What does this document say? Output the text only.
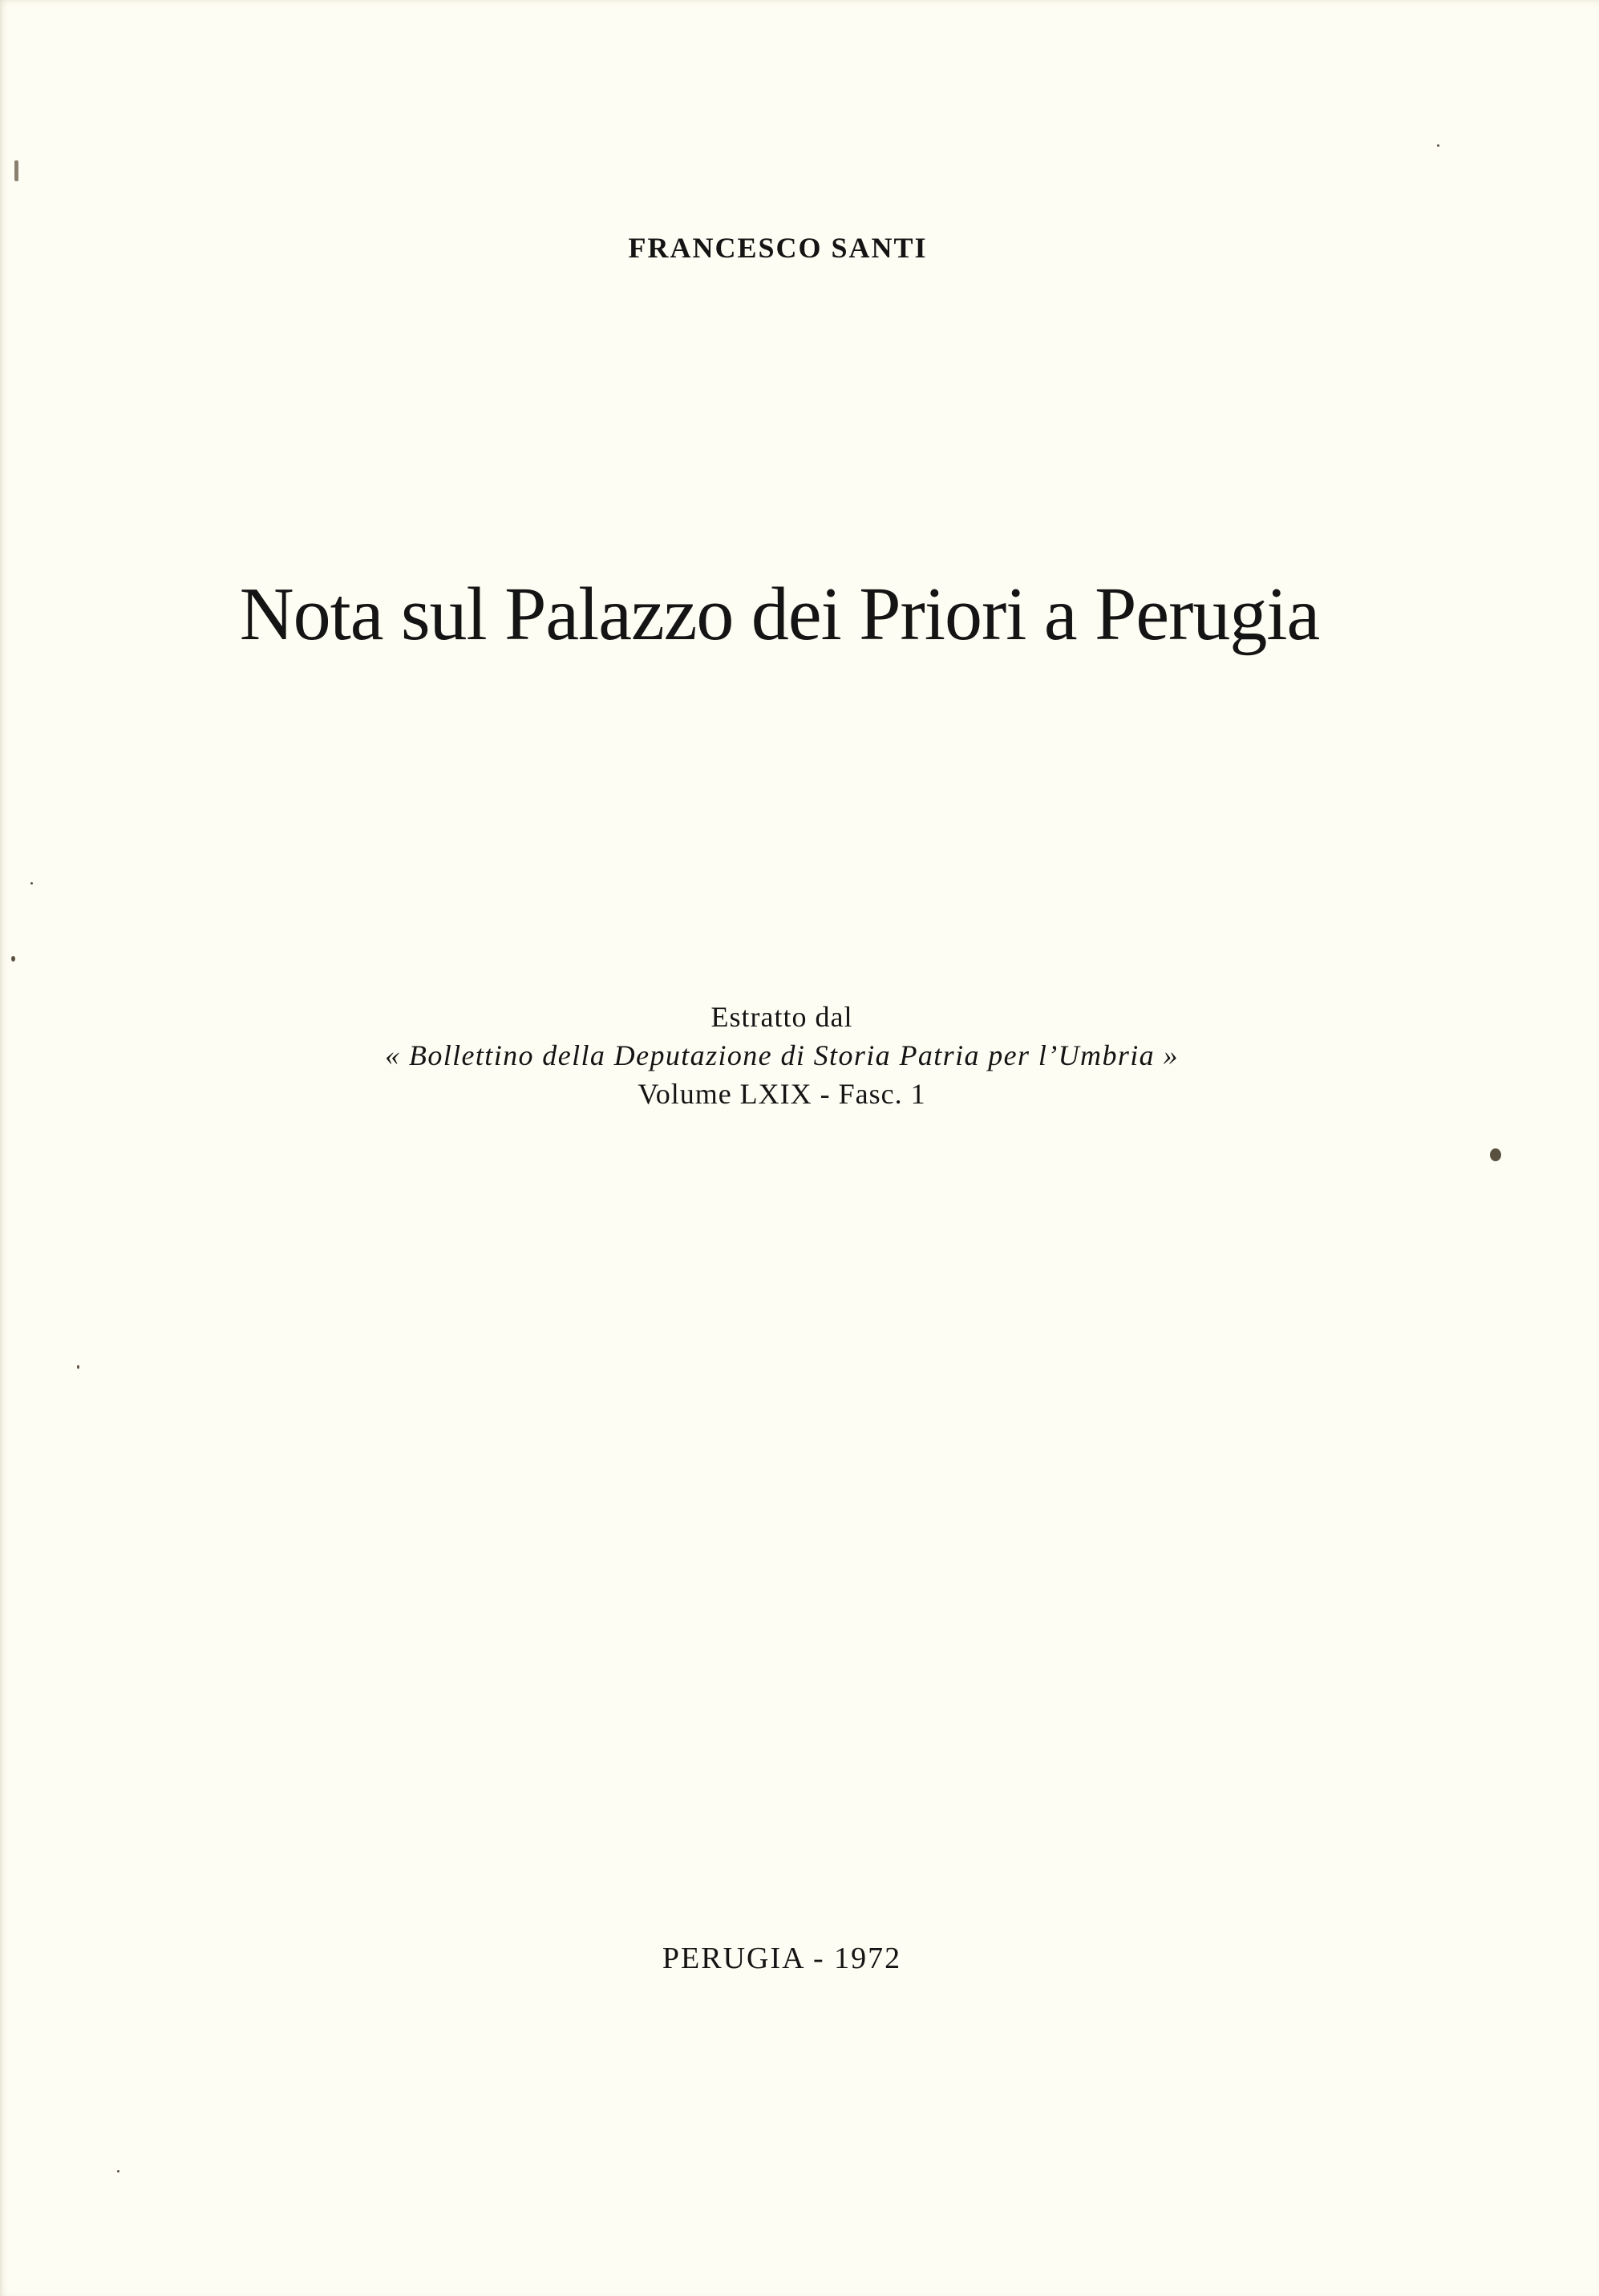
FRANCESCO SANTI
Nota sul Palazzo dei Priori a Perugia
Estratto dal
« Bollettino della Deputazione di Storia Patria per l’Umbria »
Volume LXIX - Fasc. 1
PERUGIA - 1972
